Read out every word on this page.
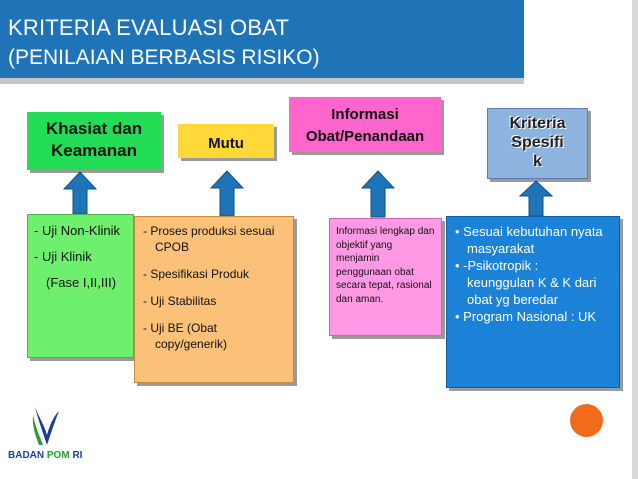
KRITERIA EVALUASI OBAT
(PENILAIAN BERBASIS RISIKO)
Khasiat dan
Keamanan	Mutu
Informasi
Obat/Penandaan
Kriteria
Spesifi
k
- Uji Non-Klinik
- Uji Klinik
(Fase I,II,III)
- Proses produksi sesuai CPOB
- Spesifikasi Produk
- Uji Stabilitas
- Uji BE (Obat copy/generik)
Informasi lengkap dan objektif yang menjamin penggunaan obat secara tepat, rasional dan aman.
• Sesuai kebutuhan nyata masyarakat
• -Psikotropik :
keunggulan K & K dari obat yg beredar
• Program Nasional : UK
BADAN POM RI
